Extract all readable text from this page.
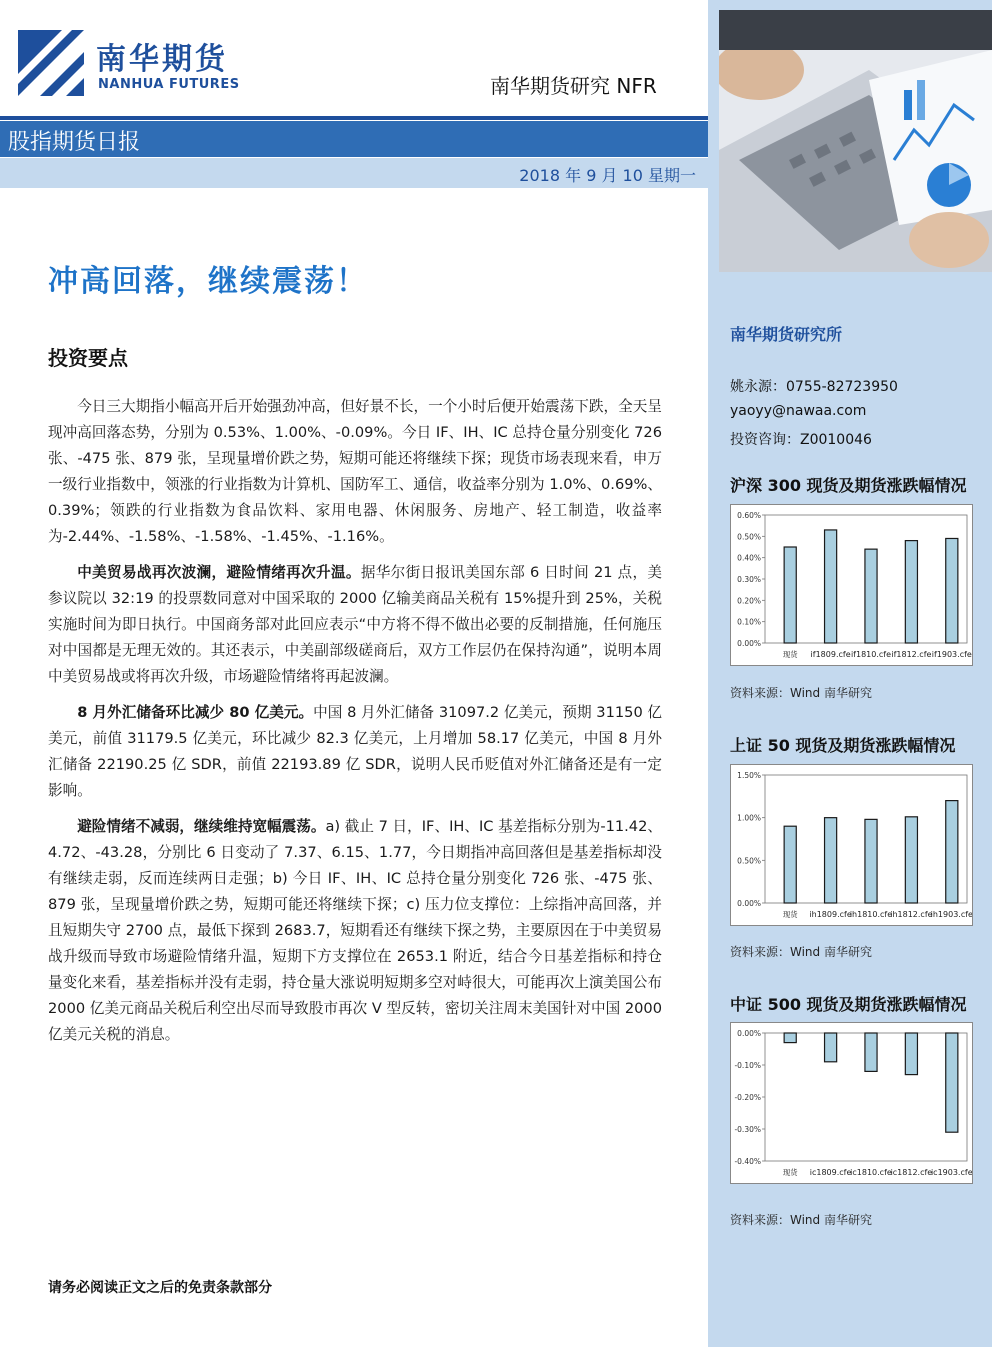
南华期货
NANHUA FUTURES	南华期货研究 NFR
股指期货日报
2018 年 9 月 10 星期一
冲高回落，继续震荡！
投资要点

今日三大期指小幅高开后开始强劲冲高，但好景不长，一个小时后便开始震荡下跌，全天呈现冲高回落态势，分别为 0.53%、1.00%、-0.09%。今日 IF、IH、IC 总持仓量分别变化 726 张、-475 张、879 张，呈现量增价跌之势，短期可能还将继续下探；现货市场表现来看，申万一级行业指数中，领涨的行业指数为计算机、国防军工、通信，收益率分别为 1.0%、0.69%、0.39%；领跌的行业指数为食品饮料、家用电器、休闲服务、房地产、轻工制造，收益率为-2.44%、-1.58%、-1.58%、-1.45%、-1.16%。

中美贸易战再次波澜，避险情绪再次升温。据华尔街日报讯美国东部 6 日时间 21 点，美参议院以 32:19 的投票数同意对中国采取的 2000 亿输美商品关税有 15%提升到 25%，关税实施时间为即日执行。中国商务部对此回应表示“中方将不得不做出必要的反制措施，任何施压对中国都是无理无效的。其还表示，中美副部级磋商后，双方工作层仍在保持沟通”，说明本周中美贸易战或将再次升级，市场避险情绪将再起波澜。

8 月外汇储备环比减少 80 亿美元。中国 8 月外汇储备 31097.2 亿美元，预期 31150 亿美元，前值 31179.5 亿美元，环比减少 82.3 亿美元，上月增加 58.17 亿美元，中国 8 月外汇储备 22190.25 亿 SDR，前值 22193.89 亿 SDR，说明人民币贬值对外汇储备还是有一定影响。

避险情绪不减弱，继续维持宽幅震荡。a) 截止 7 日，IF、IH、IC 基差指标分别为-11.42、4.72、-43.28，分别比 6 日变动了 7.37、6.15、1.77，今日期指冲高回落但是基差指标却没有继续走弱，反而连续两日走强；b) 今日 IF、IH、IC 总持仓量分别变化 726 张、-475 张、879 张，呈现量增价跌之势，短期可能还将继续下探；c) 压力位支撑位：上综指冲高回落，并且短期失守 2700 点，最低下探到 2683.7，短期看还有继续下探之势，主要原因在于中美贸易战升级而导致市场避险情绪升温，短期下方支撑位在 2653.1 附近，结合今日基差指标和持仓量变化来看，基差指标并没有走弱，持仓量大涨说明短期多空对峙很大，可能再次上演美国公布 2000 亿美元商品关税后利空出尽而导致股市再次 V 型反转，密切关注周末美国针对中国 2000 亿美元关税的消息。

请务必阅读正文之后的免责条款部分
南华期货研究所
姚永源：0755-82723950
yaoyy@nawaa.com
投资咨询：Z0010046
沪深 300 现货及期货涨跌幅情况
0.60%
0.50%
0.40%
0.30%
0.20%
0.10%
0.00%
现货 if1809.cfe if1810.cfe if1812.cfe if1903.cfe
资料来源：Wind 南华研究
上证 50 现货及期货涨跌幅情况
1.50%
1.00%
0.50%
0.00%
现货 ih1809.cfe
ih1810.cfe
ih1812.cfe
ih1903.cfe
资料来源：Wind 南华研究
中证 500 现货及期货涨跌幅情况
0.00%
-0.10%
-0.20%
-0.30%
-0.40%
现货 ic1809.cfe
ic1810.cfe
ic1812.cfe
ic1903.cfe
资料来源：Wind 南华研究
